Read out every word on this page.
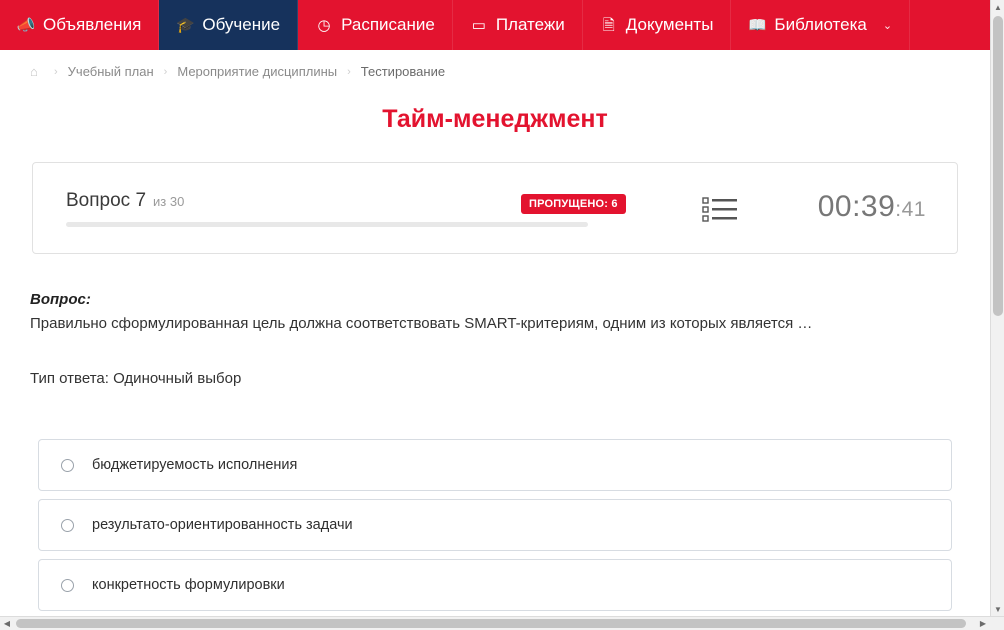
📣 Объявления 🎓 Обучение ◷ Расписание ▭ Платежи	🗎 Документы 📖 Библиотека ⌄
⌂	› Учебный план › Мероприятие дисциплины › Тестирование
Тайм-менеджмент
Вопрос 7 из 30	ПРОПУЩЕНО: 6	00:39:41
Вопрос:
Правильно сформулированная цель должна соответствовать SMART-критериям, одним из которых является …
Тип ответа: Одиночный выбор
бюджетируемость исполнения
результато-ориентированность задачи
конкретность формулировки
▲
▼
◀	▶
